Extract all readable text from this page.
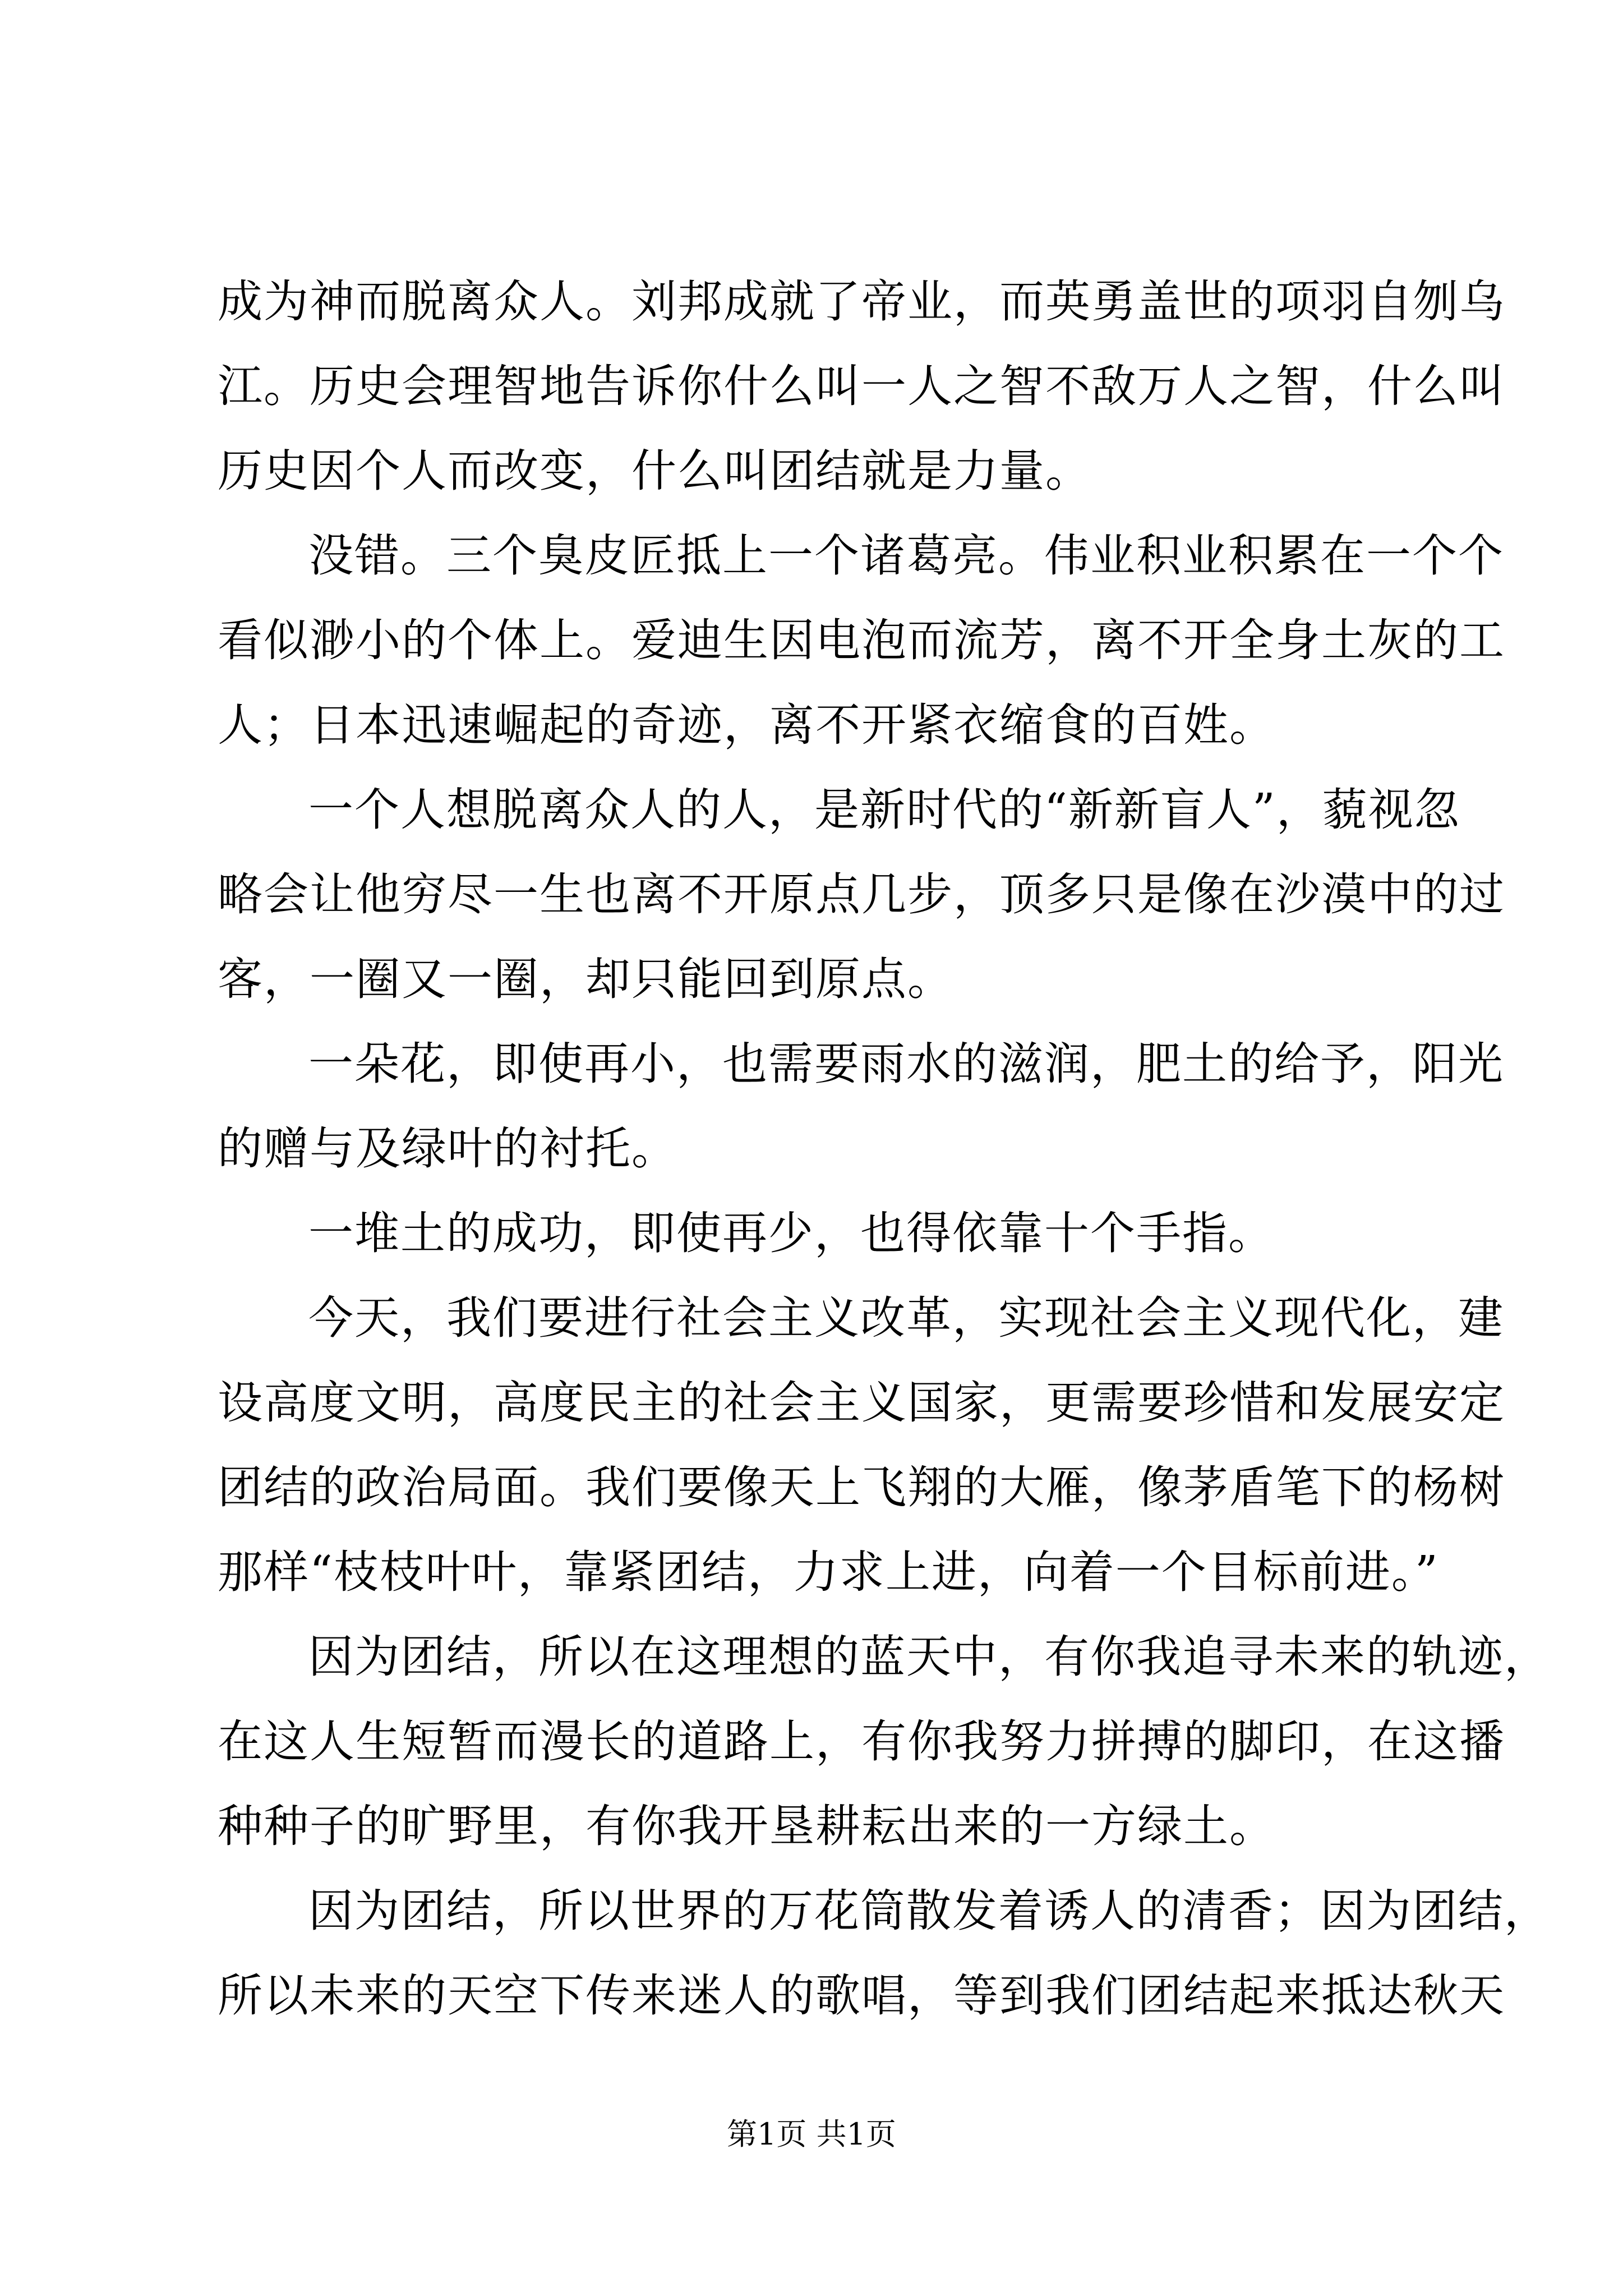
成为神而脱离众人。刘邦成就了帝业，而英勇盖世的项羽自刎乌
江。历史会理智地告诉你什么叫一人之智不敌万人之智，什么叫
历史因个人而改变，什么叫团结就是力量。
没错。三个臭皮匠抵上一个诸葛亮。伟业积业积累在一个个
看似渺小的个体上。爱迪生因电泡而流芳，离不开全身土灰的工
人；日本迅速崛起的奇迹，离不开紧衣缩食的百姓。
一个人想脱离众人的人，是新时代的“新新盲人”，藐视忽
略会让他穷尽一生也离不开原点几步，顶多只是像在沙漠中的过
客，一圈又一圈，却只能回到原点。
一朵花，即使再小，也需要雨水的滋润，肥土的给予，阳光
的赠与及绿叶的衬托。
一堆土的成功，即使再少，也得依靠十个手指。
今天，我们要进行社会主义改革，实现社会主义现代化，建
设高度文明，高度民主的社会主义国家，更需要珍惜和发展安定
团结的政治局面。我们要像天上飞翔的大雁，像茅盾笔下的杨树
那样“枝枝叶叶，靠紧团结，力求上进，向着一个目标前进。”
因为团结，所以在这理想的蓝天中，有你我追寻未来的轨迹，
在这人生短暂而漫长的道路上，有你我努力拼搏的脚印，在这播
种种子的旷野里，有你我开垦耕耘出来的一方绿土。
因为团结，所以世界的万花筒散发着诱人的清香；因为团结，
所以未来的天空下传来迷人的歌唱，等到我们团结起来抵达秋天
第1页 共1页
